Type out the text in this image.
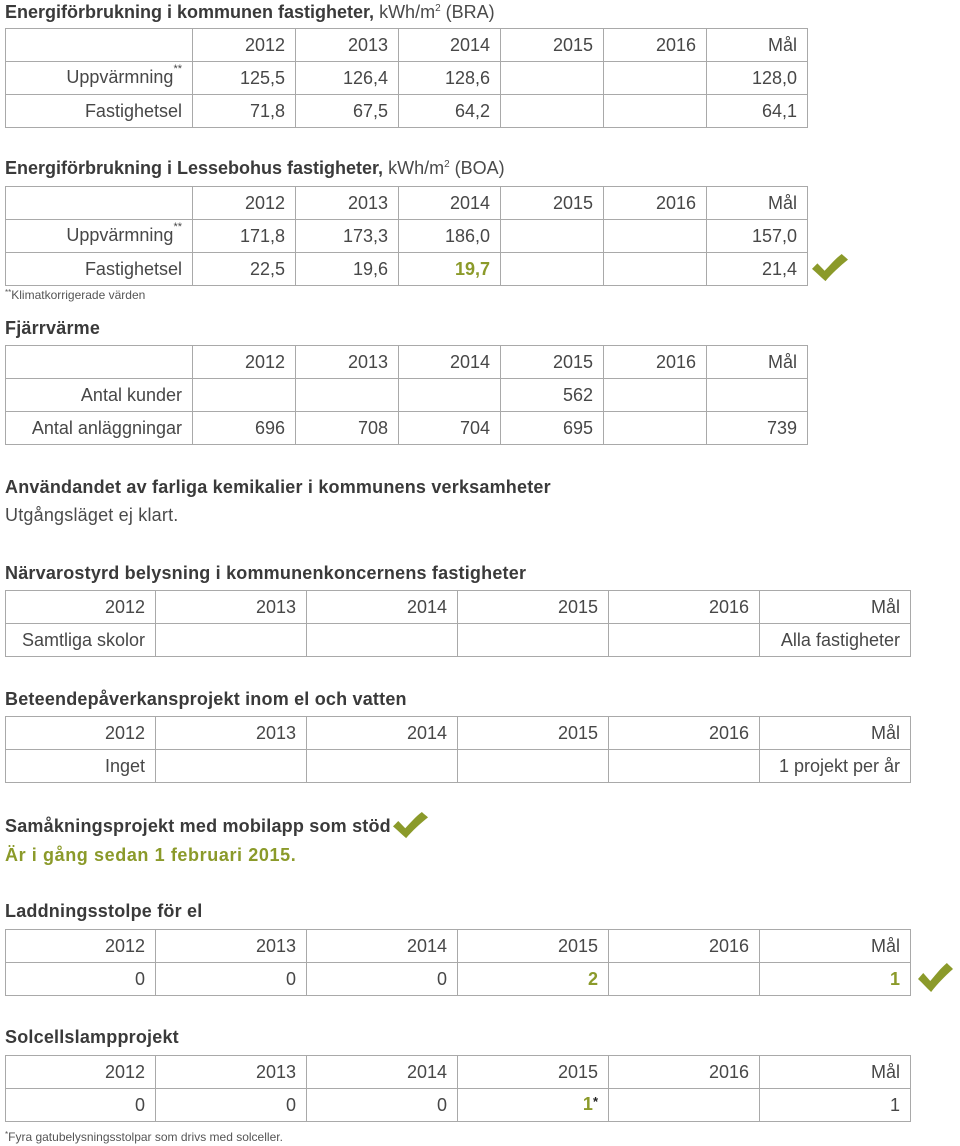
Energiförbrukning i kommunen fastigheter, kWh/$m^2$ (BRA)
	2012	2013	2014	2015	2016	Mål
Uppvärmning**	125,5	126,4	128,6			128,0
Fastighetsel	71,8	67,5	64,2			64,1
Energiförbrukning i Lessebohus fastigheter, kWh/$m^2$ (BOA)
	2012	2013	2014	2015	2016	Mål
Uppvärmning**	171,8	173,3	186,0			157,0
Fastighetsel	22,5	19,6	19,7			21,4
**Klimatkorrigerade värden
Fjärrvärme
	2012	2013	2014	2015	2016	Mål
Antal kunder				562		
Antal anläggningar	696	708	704	695		739
Användandet av farliga kemikalier i kommunens verksamheter
Utgångsläget ej klart.
Närvarostyrd belysning i kommunenkoncernens fastigheter
2012	2013	2014	2015	2016	Mål
Samtliga skolor					Alla fastigheter
Beteendepåverkansprojekt inom el och vatten
2012	2013	2014	2015	2016	Mål
Inget					1 projekt per år
Samåkningsprojekt med mobilapp som stöd
Är i gång sedan 1 februari 2015.
Laddningsstolpe för el
2012	2013	2014	2015	2016	Mål
0	0	0	2		1
Solcellslampprojekt
2012	2013	2014	2015	2016	Mål
0	0	0	1*		1
*Fyra gatubelysningsstolpar som drivs med solceller.
